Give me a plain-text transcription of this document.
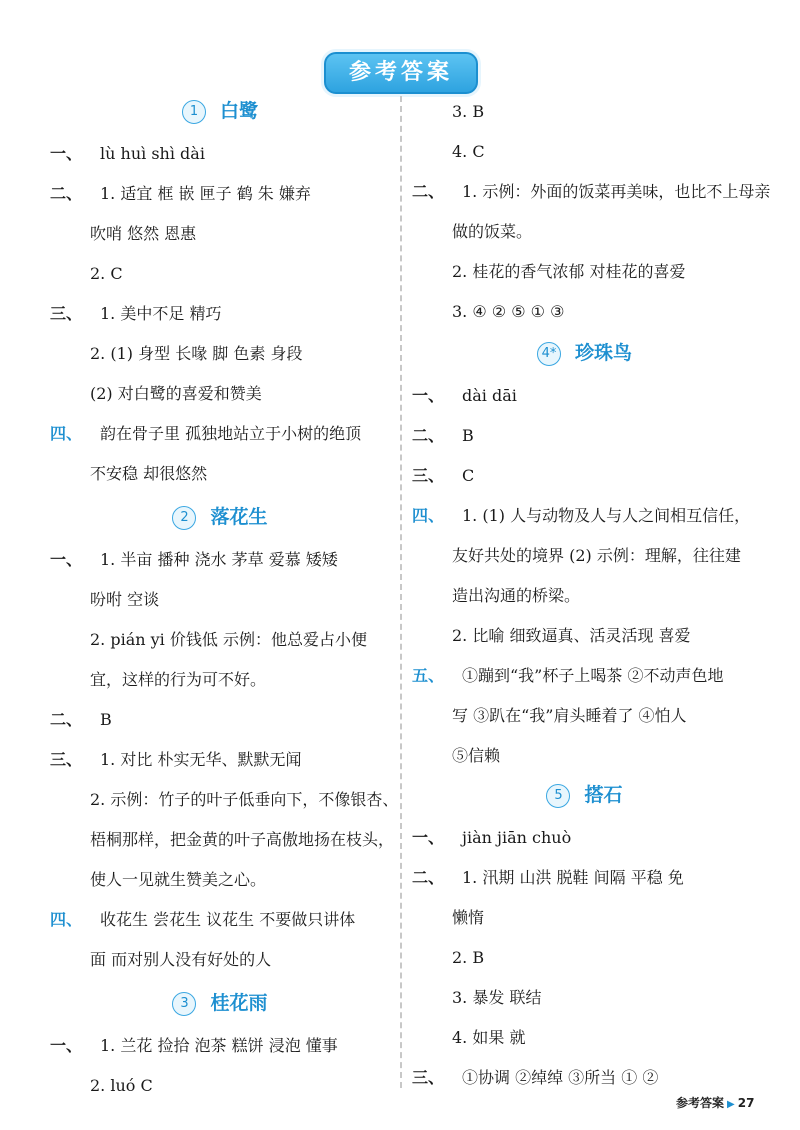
参考答案
1 白鹭
一、 lù huì shì dài
二、 1. 适宜 框 嵌 匣子 鹤 朱 嫌弃
吹哨 悠然 恩惠
2. C
三、 1. 美中不足 精巧
2. (1) 身型 长喙 脚 色素 身段
(2) 对白鹭的喜爱和赞美
四、 韵在骨子里 孤独地站立于小树的绝顶
不安稳 却很悠然
2 落花生
一、 1. 半亩 播种 浇水 茅草 爱慕 矮矮
吩咐 空谈
2. pián yi 价钱低 示例：他总爱占小便
宜，这样的行为可不好。
二、 B
三、 1. 对比 朴实无华、默默无闻
2. 示例：竹子的叶子低垂向下，不像银杏、
梧桐那样，把金黄的叶子高傲地扬在枝头，
使人一见就生赞美之心。
四、 收花生 尝花生 议花生 不要做只讲体
面 而对别人没有好处的人
3 桂花雨
一、 1. 兰花 捡拾 泡茶 糕饼 浸泡 懂事
2. luó C
3. B
4. C
二、 1. 示例：外面的饭菜再美味，也比不上母亲
做的饭菜。
2. 桂花的香气浓郁 对桂花的喜爱
3. ④ ② ⑤ ① ③
4* 珍珠鸟
一、 dài dāi
二、 B
三、 C
四、 1. (1) 人与动物及人与人之间相互信任，
友好共处的境界 (2) 示例：理解，往往建
造出沟通的桥梁。
2. 比喻 细致逼真、活灵活现 喜爱
五、 ①蹦到“我”杯子上喝茶 ②不动声色地
写 ③趴在“我”肩头睡着了 ④怕人
⑤信赖
5 搭石
一、 jiàn jiān chuò
二、 1. 汛期 山洪 脱鞋 间隔 平稳 免
懒惰
2. B
3. 暴发 联结
4. 如果 就
三、 ①协调 ②绰绰 ③所当 ① ②
参考答案 ▶ 27
